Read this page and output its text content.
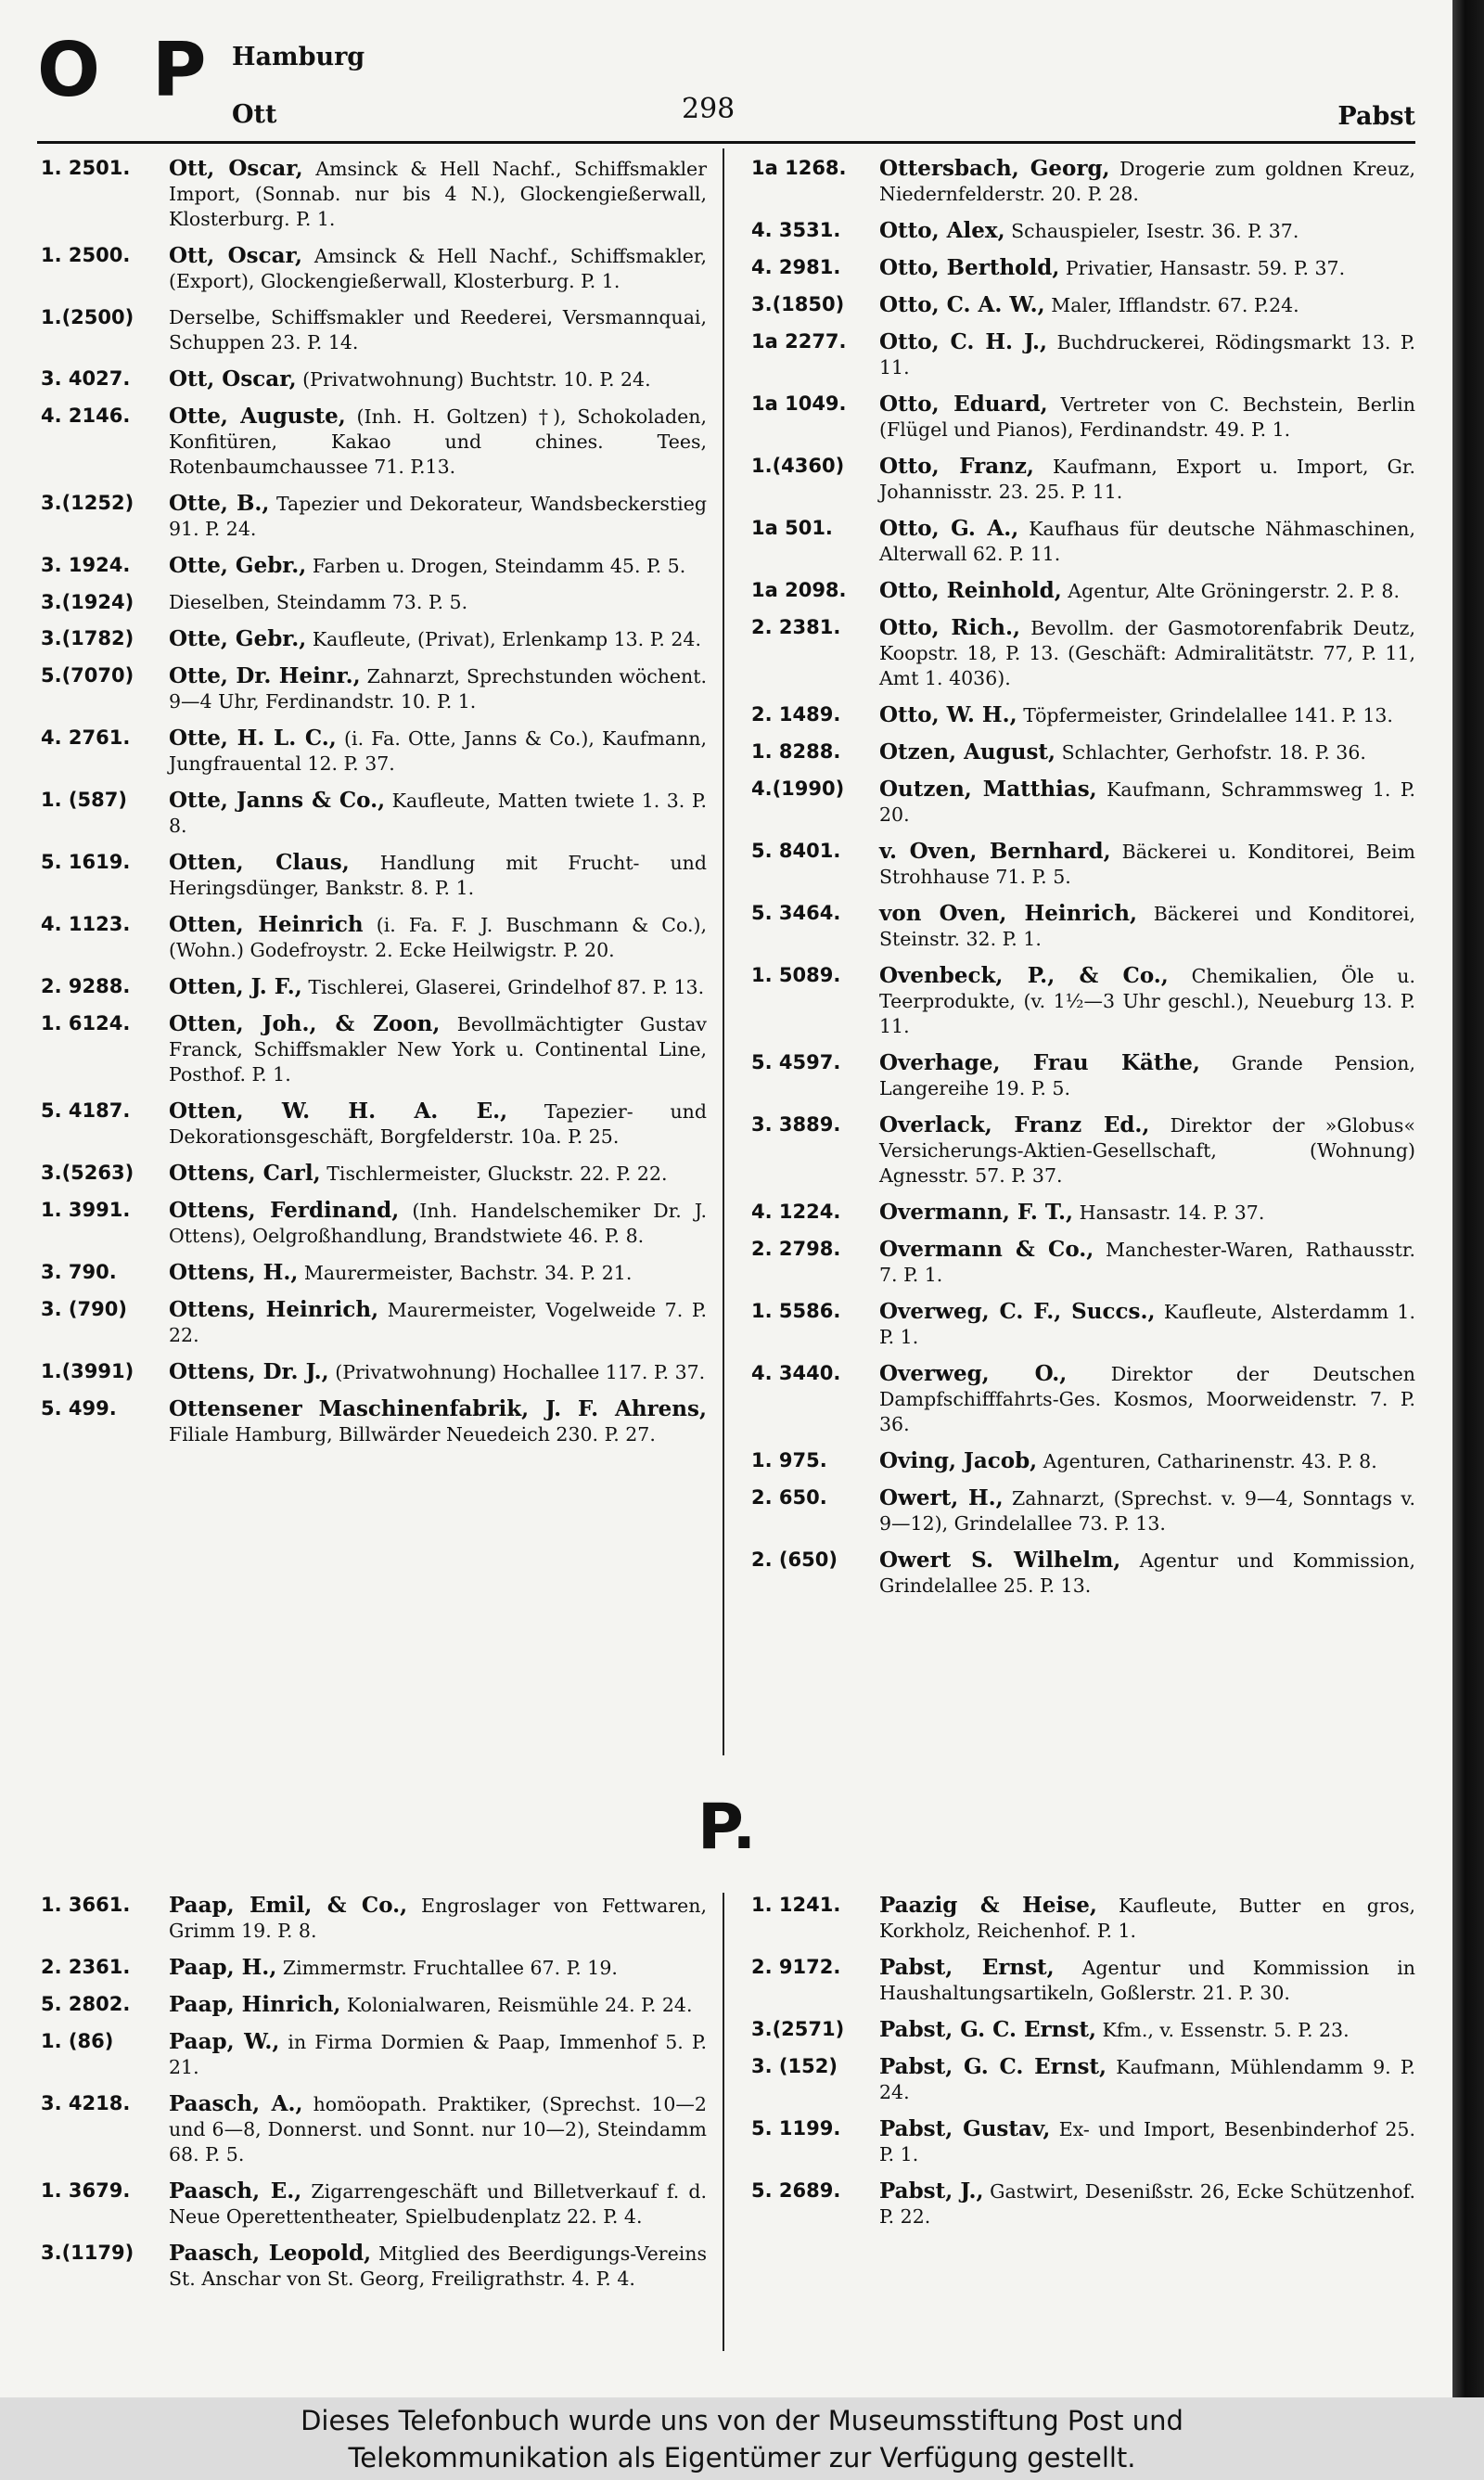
O P Hamburg
Ott	298	Pabst
1. 2501. Ott, Oscar, Amsinck & Hell Nachf., Schiffsmakler Import, (Sonnab. nur bis 4 N.), Glockengießerwall, Klosterburg. P. 1.
1. 2500. Ott, Oscar, Amsinck & Hell Nachf., Schiffsmakler, (Export), Glockengießerwall, Klosterburg. P. 1.
1.(2500) Derselbe, Schiffsmakler und Reederei, Versmannquai, Schuppen 23. P. 14.
3. 4027. Ott, Oscar, (Privatwohnung) Buchtstr. 10. P. 24.
4. 2146. Otte, Auguste, (Inh. H. Goltzen) †), Schokoladen, Konfitüren, Kakao und chines. Tees, Rotenbaumchaussee 71. P.13.
3.(1252) Otte, B., Tapezier und Dekorateur, Wandsbeckerstieg 91. P. 24.
3. 1924. Otte, Gebr., Farben u. Drogen, Steindamm 45. P. 5.
3.(1924) Dieselben, Steindamm 73. P. 5.
3.(1782) Otte, Gebr., Kaufleute, (Privat), Erlenkamp 13. P. 24.
5.(7070) Otte, Dr. Heinr., Zahnarzt, Sprechstunden wöchent. 9—4 Uhr, Ferdinandstr. 10. P. 1.
4. 2761. Otte, H. L. C., (i. Fa. Otte, Janns & Co.), Kaufmann, Jungfrauental 12. P. 37.
1. (587) Otte, Janns & Co., Kaufleute, Matten twiete 1. 3. P. 8.
5. 1619. Otten, Claus, Handlung mit Frucht- und Heringsdünger, Bankstr. 8. P. 1.
4. 1123. Otten, Heinrich (i. Fa. F. J. Buschmann & Co.), (Wohn.) Godefroystr. 2. Ecke Heilwigstr. P. 20.
2. 9288. Otten, J. F., Tischlerei, Glaserei, Grindelhof 87. P. 13.
1. 6124. Otten, Joh., & Zoon, Bevollmächtigter Gustav Franck, Schiffsmakler New York u. Continental Line, Posthof. P. 1.
5. 4187. Otten, W. H. A. E., Tapezier- und Dekorationsgeschäft, Borgfelderstr. 10a. P. 25.
3.(5263) Ottens, Carl, Tischlermeister, Gluckstr. 22. P. 22.
1. 3991. Ottens, Ferdinand, (Inh. Handelschemiker Dr. J. Ottens), Oelgroßhandlung, Brandstwiete 46. P. 8.
3. 790. Ottens, H., Maurermeister, Bachstr. 34. P. 21.
3. (790) Ottens, Heinrich, Maurermeister, Vogelweide 7. P. 22.
1.(3991) Ottens, Dr. J., (Privatwohnung) Hochallee 117. P. 37.
5. 499. Ottensener Maschinenfabrik, J. F. Ahrens, Filiale Hamburg, Billwärder Neuedeich 230. P. 27.
1a 1268. Ottersbach, Georg, Drogerie zum goldnen Kreuz, Niedernfelderstr. 20. P. 28.
4. 3531. Otto, Alex, Schauspieler, Isestr. 36. P. 37.
4. 2981. Otto, Berthold, Privatier, Hansastr. 59. P. 37.
3.(1850) Otto, C. A. W., Maler, Ifflandstr. 67. P.24.
1a 2277. Otto, C. H. J., Buchdruckerei, Rödingsmarkt 13. P. 11.
1a 1049. Otto, Eduard, Vertreter von C. Bechstein, Berlin (Flügel und Pianos), Ferdinandstr. 49. P. 1.
1.(4360) Otto, Franz, Kaufmann, Export u. Import, Gr. Johannisstr. 23. 25. P. 11.
1a 501. Otto, G. A., Kaufhaus für deutsche Nähmaschinen, Alterwall 62. P. 11.
1a 2098. Otto, Reinhold, Agentur, Alte Gröningerstr. 2. P. 8.
2. 2381. Otto, Rich., Bevollm. der Gasmotorenfabrik Deutz, Koopstr. 18, P. 13. (Geschäft: Admiralitätstr. 77, P. 11, Amt 1. 4036).
2. 1489. Otto, W. H., Töpfermeister, Grindelallee 141. P. 13.
1. 8288. Otzen, August, Schlachter, Gerhofstr. 18. P. 36.
4.(1990) Outzen, Matthias, Kaufmann, Schrammsweg 1. P. 20.
5. 8401. v. Oven, Bernhard, Bäckerei u. Konditorei, Beim Strohhause 71. P. 5.
5. 3464. von Oven, Heinrich, Bäckerei und Konditorei, Steinstr. 32. P. 1.
1. 5089. Ovenbeck, P., & Co., Chemikalien, Öle u. Teerprodukte, (v. 1½—3 Uhr geschl.), Neueburg 13. P. 11.
5. 4597. Overhage, Frau Käthe, Grande Pension, Langereihe 19. P. 5.
3. 3889. Overlack, Franz Ed., Direktor der »Globus« Versicherungs-Aktien-Gesellschaft, (Wohnung) Agnesstr. 57. P. 37.
4. 1224. Overmann, F. T., Hansastr. 14. P. 37.
2. 2798. Overmann & Co., Manchester-Waren, Rathausstr. 7. P. 1.
1. 5586. Overweg, C. F., Succs., Kaufleute, Alsterdamm 1. P. 1.
4. 3440. Overweg, O., Direktor der Deutschen Dampfschifffahrts-Ges. Kosmos, Moorweidenstr. 7. P. 36.
1. 975. Oving, Jacob, Agenturen, Catharinenstr. 43. P. 8.
2. 650. Owert, H., Zahnarzt, (Sprechst. v. 9—4, Sonntags v. 9—12), Grindelallee 73. P. 13.
2. (650) Owert S. Wilhelm, Agentur und Kommission, Grindelallee 25. P. 13.
P.
1. 3661. Paap, Emil, & Co., Engroslager von Fettwaren, Grimm 19. P. 8.
2. 2361. Paap, H., Zimmermstr. Fruchtallee 67. P. 19.
5. 2802. Paap, Hinrich, Kolonialwaren, Reismühle 24. P. 24.
1. (86)	Paap, W., in Firma Dormien & Paap, Immenhof 5. P. 21.
3. 4218. Paasch, A., homöopath. Praktiker, (Sprechst. 10—2 und 6—8, Donnerst. und Sonnt. nur 10—2), Steindamm 68. P. 5.
1. 3679. Paasch, E., Zigarrengeschäft und Billetverkauf f. d. Neue Operettentheater, Spielbudenplatz 22. P. 4.
3.(1179) Paasch, Leopold, Mitglied des Beerdigungs-Vereins St. Anschar von St. Georg, Freiligrathstr. 4. P. 4.
1. 1241. Paazig & Heise, Kaufleute, Butter en gros, Korkholz, Reichenhof. P. 1.
2. 9172. Pabst, Ernst, Agentur und Kommission in Haushaltungsartikeln, Goßlerstr. 21. P. 30.
3.(2571) Pabst, G. C. Ernst, Kfm., v. Essenstr. 5. P. 23.
3. (152) Pabst, G. C. Ernst, Kaufmann, Mühlendamm 9. P. 24.
5. 1199. Pabst, Gustav, Ex- und Import, Besenbinderhof 25. P. 1.
5. 2689. Pabst, J., Gastwirt, Desenißstr. 26, Ecke Schützenhof. P. 22.
Dieses Telefonbuch wurde uns von der Museumsstiftung Post und
Telekommunikation als Eigentümer zur Verfügung gestellt.
